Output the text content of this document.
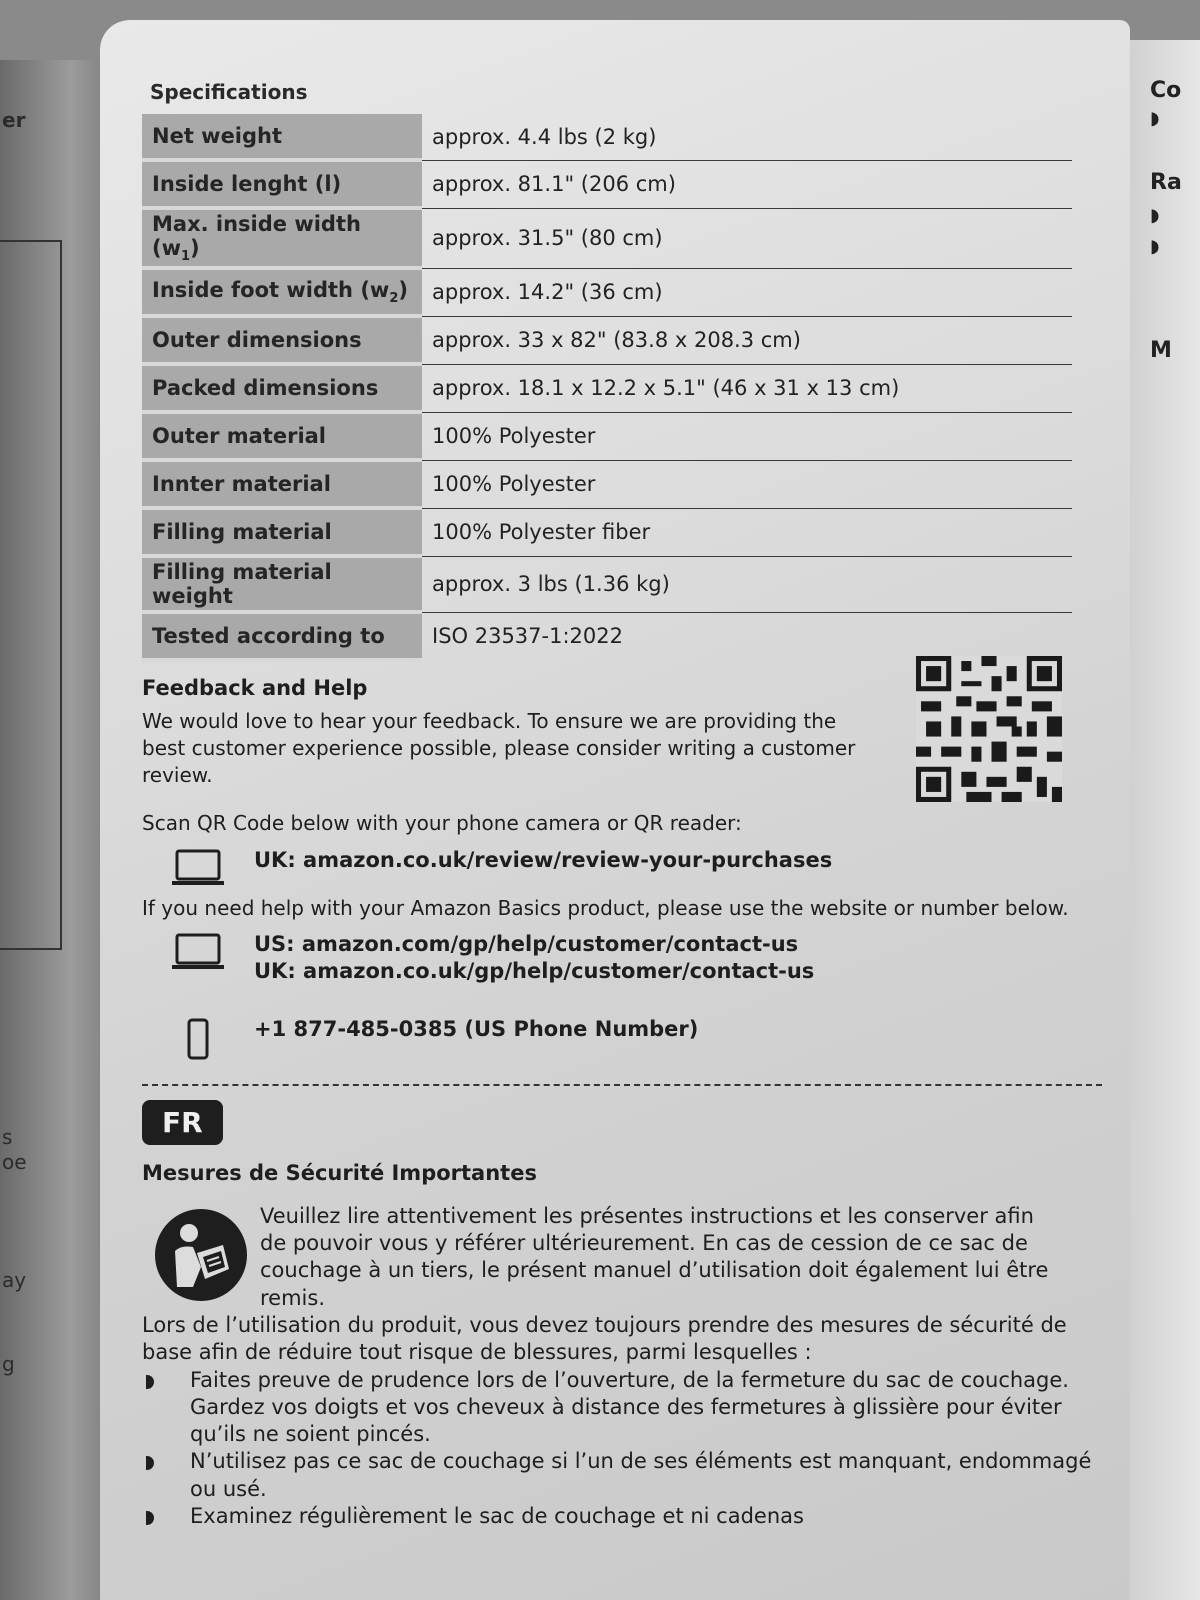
er
s
oe
ay
g
Co
◗
Ra
◗
◗
M
Specifications
Net weight	approx. 4.4 lbs (2 kg)
Inside lenght (l)	approx. 81.1" (206 cm)
Max. inside width $(w_1)$	approx. 31.5" (80 cm)
Inside foot width $(w_2)$	approx. 14.2" (36 cm)
Outer dimensions	approx. 33 x 82" (83.8 x 208.3 cm)
Packed dimensions	approx. 18.1 x 12.2 x 5.1" (46 x 31 x 13 cm)
Outer material	100% Polyester
Innter material	100% Polyester
Filling material	100% Polyester fiber
Filling material weight	approx. 3 lbs (1.36 kg)
Tested according to	ISO 23537-1:2022
Feedback and Help

We would love to hear your feedback. To ensure we are providing the best customer experience possible, please consider writing a customer review.

Scan QR Code below with your phone camera or QR reader:
UK: amazon.co.uk/review/review-your-purchases

If you need help with your Amazon Basics product, please use the website or number below.

US: amazon.com/gp/help/customer/contact-us
UK: amazon.co.uk/gp/help/customer/contact-us
+1 877-485-0385 (US Phone Number)
FR
Mesures de Sécurité Importantes

Veuillez lire attentivement les présentes instructions et les conserver afin de pouvoir vous y référer ultérieurement. En cas de cession de ce sac de couchage à un tiers, le présent manuel d’utilisation doit également lui être remis.

Lors de l’utilisation du produit, vous devez toujours prendre des mesures de sécurité de base afin de réduire tout risque de blessures, parmi lesquelles :

Faites preuve de prudence lors de l’ouverture, de la fermeture du sac de couchage. Gardez vos doigts et vos cheveux à distance des fermetures à glissière pour éviter qu’ils ne soient pincés.
N’utilisez pas ce sac de couchage si l’un de ses éléments est manquant, endommagé ou usé.
Examinez régulièrement le sac de couchage et ni cadenas
